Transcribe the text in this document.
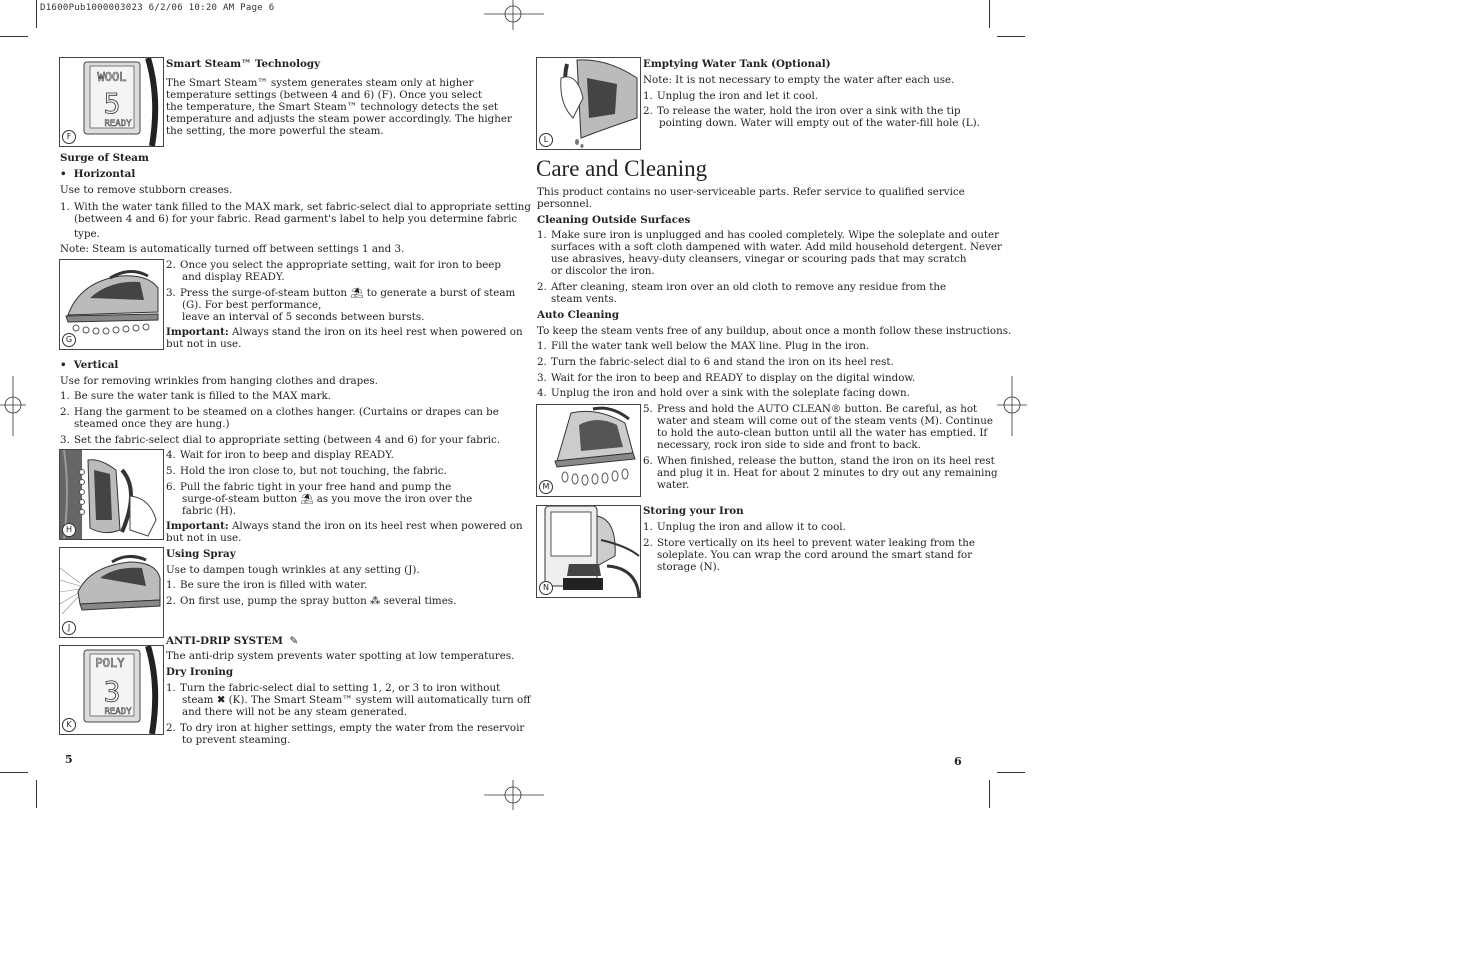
D1600Pub1000003023 6/2/06 10:20 AM Page 6
WOOL
5
READY
F
Smart Steam™ Technology
The Smart Steam™ system generates steam only at higher
temperature settings (between 4 and 6) (F). Once you select
the temperature, the Smart Steam™ technology detects the set
temperature and adjusts the steam power accordingly. The higher
the setting, the more powerful the steam.
Surge of Steam
•  Horizontal
Use to remove stubborn creases.
1. With the water tank filled to the MAX mark, set fabric-select dial to appropriate setting
(between 4 and 6) for your fabric. Read garment's label to help you determine fabric
type.
Note: Steam is automatically turned off between settings 1 and 3.
G
2. Once you select the appropriate setting, wait for iron to beep
and display READY.
3. Press the surge-of-steam button ⛱ to generate a burst of steam
(G). For best performance,
leave an interval of 5 seconds between bursts.
Important: Always stand the iron on its heel rest when powered on
but not in use.
•  Vertical
Use for removing wrinkles from hanging clothes and drapes.
1. Be sure the water tank is filled to the MAX mark.
2. Hang the garment to be steamed on a clothes hanger. (Curtains or drapes can be
steamed once they are hung.)
3. Set the fabric-select dial to appropriate setting (between 4 and 6) for your fabric.
H
4. Wait for iron to beep and display READY.
5. Hold the iron close to, but not touching, the fabric.
6. Pull the fabric tight in your free hand and pump the
surge-of-steam button ⛱ as you move the iron over the
fabric (H).
Important: Always stand the iron on its heel rest when powered on
but not in use.
J
Using Spray
Use to dampen tough wrinkles at any setting (J).
1. Be sure the iron is filled with water.
2. On first use, pump the spray button ⁂ several times.
POLY
3
READY
K
ANTI-DRIP SYSTEM  ✎
The anti-drip system prevents water spotting at low temperatures.
Dry Ironing
1. Turn the fabric-select dial to setting 1, 2, or 3 to iron without
steam ✖ (K). The Smart Steam™ system will automatically turn off
and there will not be any steam generated.
2. To dry iron at higher settings, empty the water from the reservoir
to prevent steaming.
5
L
Emptying Water Tank (Optional)
Note: It is not necessary to empty the water after each use.
1. Unplug the iron and let it cool.
2. To release the water, hold the iron over a sink with the tip
pointing down. Water will empty out of the water-fill hole (L).
Care and Cleaning
This product contains no user-serviceable parts. Refer service to qualified service
personnel.
Cleaning Outside Surfaces
1. Make sure iron is unplugged and has cooled completely. Wipe the soleplate and outer
surfaces with a soft cloth dampened with water. Add mild household detergent. Never
use abrasives, heavy-duty cleansers, vinegar or scouring pads that may scratch
or discolor the iron.
2. After cleaning, steam iron over an old cloth to remove any residue from the
steam vents.
Auto Cleaning
To keep the steam vents free of any buildup, about once a month follow these instructions.
1. Fill the water tank well below the MAX line. Plug in the iron.
2. Turn the fabric-select dial to 6 and stand the iron on its heel rest.
3. Wait for the iron to beep and READY to display on the digital window.
4. Unplug the iron and hold over a sink with the soleplate facing down.
M
5. Press and hold the AUTO CLEAN® button. Be careful, as hot
water and steam will come out of the steam vents (M). Continue
to hold the auto-clean button until all the water has emptied. If
necessary, rock iron side to side and front to back.
6. When finished, release the button, stand the iron on its heel rest
and plug it in. Heat for about 2 minutes to dry out any remaining
water.
N
Storing your Iron
1. Unplug the iron and allow it to cool.
2. Store vertically on its heel to prevent water leaking from the
soleplate. You can wrap the cord around the smart stand for
storage (N).
6
